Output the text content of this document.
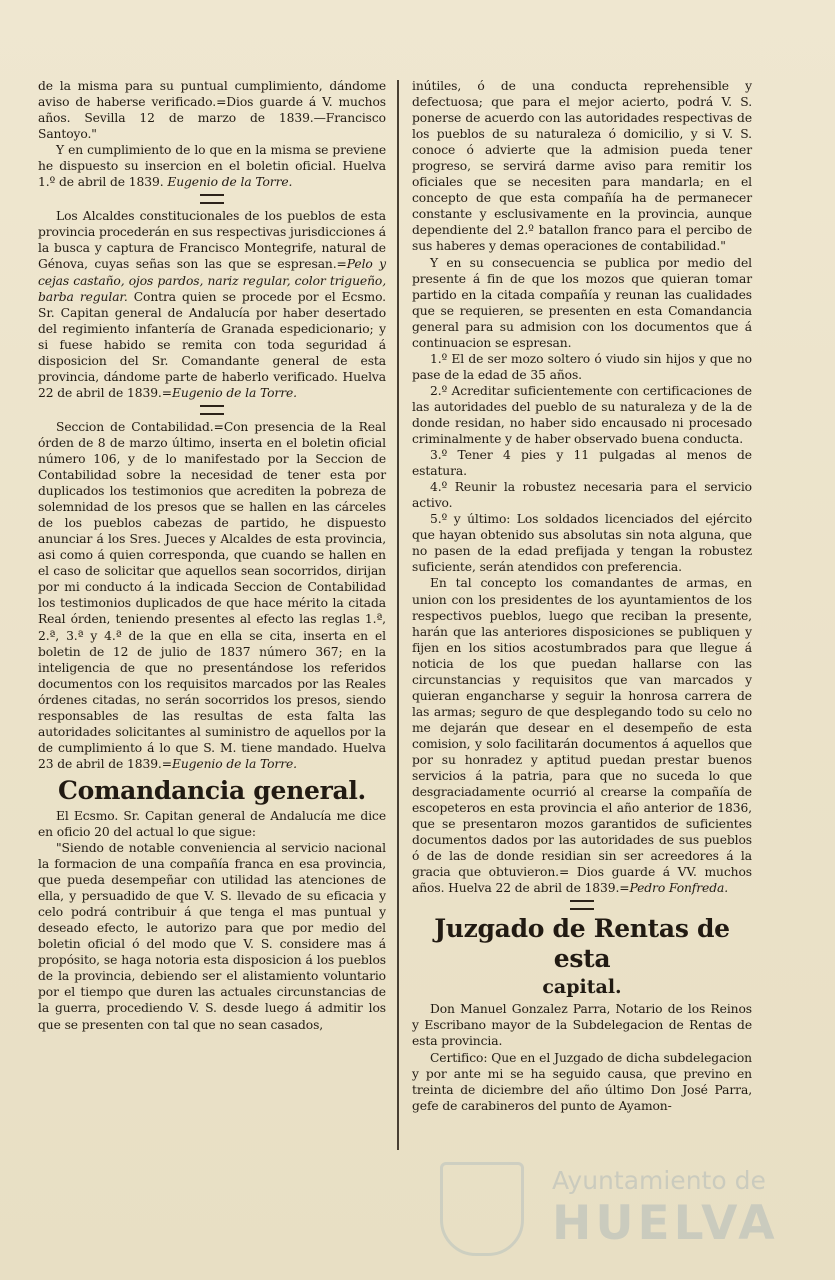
de la misma para su puntual cumplimiento, dándome aviso de haberse verificado.=Dios guarde á V. muchos años. Sevilla 12 de marzo de 1839.—Francisco Santoyo."

Y en cumplimiento de lo que en la misma se previene he dispuesto su insercion en el boletin oficial. Huelva 1.º de abril de 1839. Eugenio de la Torre.

Los Alcaldes constitucionales de los pueblos de esta provincia procederán en sus respectivas jurisdicciones á la busca y captura de Francisco Montegrife, natural de Génova, cuyas señas son las que se espresan.=Pelo y cejas castaño, ojos pardos, nariz regular, color trigueño, barba regular. Contra quien se procede por el Ecsmo. Sr. Capitan general de Andalucía por haber desertado del regimiento infantería de Granada espedicionario; y si fuese habido se remita con toda seguridad á disposicion del Sr. Comandante general de esta provincia, dándome parte de haberlo verificado. Huelva 22 de abril de 1839.=Eugenio de la Torre.

Seccion de Contabilidad.=Con presencia de la Real órden de 8 de marzo último, inserta en el boletin oficial número 106, y de lo manifestado por la Seccion de Contabilidad sobre la necesidad de tener esta por duplicados los testimonios que acrediten la pobreza de solemnidad de los presos que se hallen en las cárceles de los pueblos cabezas de partido, he dispuesto anunciar á los Sres. Jueces y Alcaldes de esta provincia, asi como á quien corresponda, que cuando se hallen en el caso de solicitar que aquellos sean socorridos, dirijan por mi conducto á la indicada Seccion de Contabilidad los testimonios duplicados de que hace mérito la citada Real órden, teniendo presentes al efecto las reglas 1.ª, 2.ª, 3.ª y 4.ª de la que en ella se cita, inserta en el boletin de 12 de julio de 1837 número 367; en la inteligencia de que no presentándose los referidos documentos con los requisitos marcados por las Reales órdenes citadas, no serán socorridos los presos, siendo responsables de las resultas de esta falta las autoridades solicitantes al suministro de aquellos por la de cumplimiento á lo que S. M. tiene mandado. Huelva 23 de abril de 1839.=Eugenio de la Torre.

Comandancia general.

El Ecsmo. Sr. Capitan general de Andalucía me dice en oficio 20 del actual lo que sigue:

"Siendo de notable conveniencia al servicio nacional la formacion de una compañía franca en esa provincia, que pueda desempeñar con utilidad las atenciones de ella, y persuadido de que V. S. llevado de su eficacia y celo podrá contribuir á que tenga el mas puntual y deseado efecto, le autorizo para que por medio del boletin oficial ó del modo que V. S. considere mas á propósito, se haga notoria esta disposicion á los pueblos de la provincia, debiendo ser el alistamiento voluntario por el tiempo que duren las actuales circunstancias de la guerra, procediendo V. S. desde luego á admitir los que se presenten con tal que no sean casados,

inútiles, ó de una conducta reprehensible y defectuosa; que para el mejor acierto, podrá V. S. ponerse de acuerdo con las autoridades respectivas de los pueblos de su naturaleza ó domicilio, y si V. S. conoce ó advierte que la admision pueda tener progreso, se servirá darme aviso para remitir los oficiales que se necesiten para mandarla; en el concepto de que esta compañía ha de permanecer constante y esclusivamente en la provincia, aunque dependiente del 2.º batallon franco para el percibo de sus haberes y demas operaciones de contabilidad."

Y en su consecuencia se publica por medio del presente á fin de que los mozos que quieran tomar partido en la citada compañía y reunan las cualidades que se requieren, se presenten en esta Comandancia general para su admision con los documentos que á continuacion se espresan.

1.º El de ser mozo soltero ó viudo sin hijos y que no pase de la edad de 35 años.

2.º Acreditar suficientemente con certificaciones de las autoridades del pueblo de su naturaleza y de la de donde residan, no haber sido encausado ni procesado criminalmente y de haber observado buena conducta.

3.º Tener 4 pies y 11 pulgadas al menos de estatura.

4.º Reunir la robustez necesaria para el servicio activo.

5.º y último: Los soldados licenciados del ejército que hayan obtenido sus absolutas sin nota alguna, que no pasen de la edad prefijada y tengan la robustez suficiente, serán atendidos con preferencia.

En tal concepto los comandantes de armas, en union con los presidentes de los ayuntamientos de los respectivos pueblos, luego que reciban la presente, harán que las anteriores disposiciones se publiquen y fijen en los sitios acostumbrados para que llegue á noticia de los que puedan hallarse con las circunstancias y requisitos que van marcados y quieran engancharse y seguir la honrosa carrera de las armas; seguro de que desplegando todo su celo no me dejarán que desear en el desempeño de esta comision, y solo facilitarán documentos á aquellos que por su honradez y aptitud puedan prestar buenos servicios á la patria, para que no suceda lo que desgraciadamente ocurrió al crearse la compañía de escopeteros en esta provincia el año anterior de 1836, que se presentaron mozos garantidos de suficientes documentos dados por las autoridades de sus pueblos ó de las de donde residian sin ser acreedores á la gracia que obtuvieron.= Dios guarde á VV. muchos años. Huelva 22 de abril de 1839.=Pedro Fonfreda.

Juzgado de Rentas de esta
capital.

Don Manuel Gonzalez Parra, Notario de los Reinos y Escribano mayor de la Subdelegacion de Rentas de esta provincia.

Certifico: Que en el Juzgado de dicha subdelegacion y por ante mi se ha seguido causa, que previno en treinta de diciembre del año último Don José Parra, gefe de carabineros del punto de Ayamon-

Ayuntamiento de
HUELVA
